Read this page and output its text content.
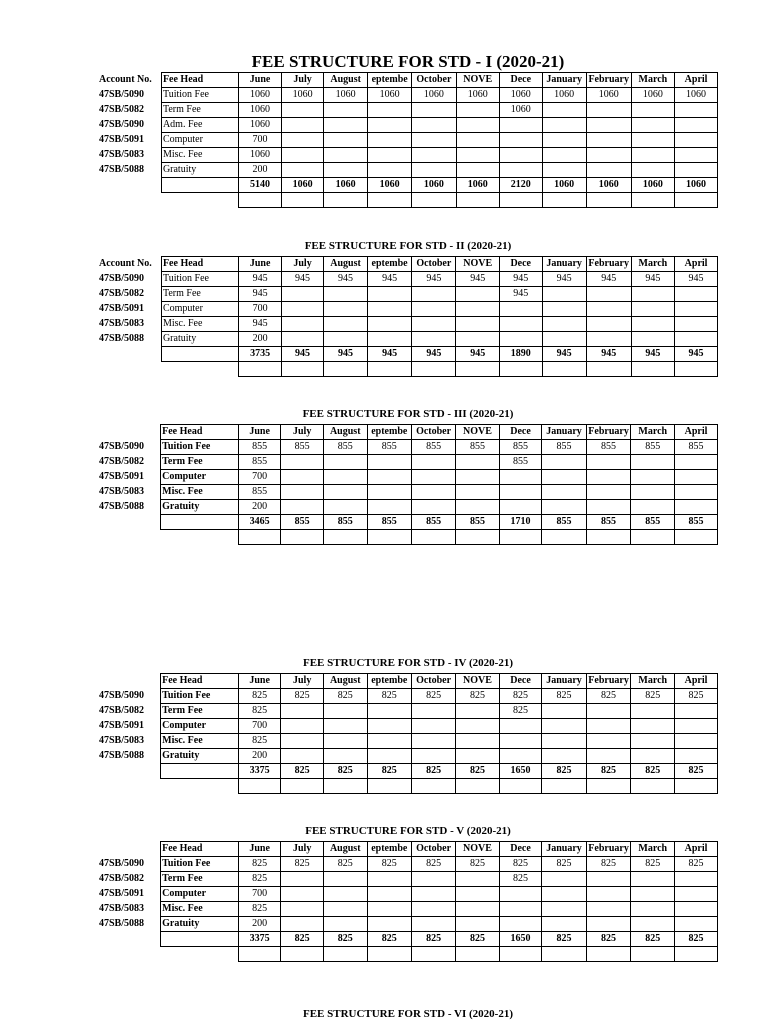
FEE STRUCTURE FOR STD - I (2020-21)
Account No.	Fee Head	June	July	August	eptembe	October	NOVE	Dece	January	February	March	April
47SB/5090	Tuition Fee	1060	1060	1060	1060	1060	1060	1060	1060	1060	1060	1060
47SB/5082	Term Fee	1060						1060				
47SB/5090	Adm. Fee	1060										
47SB/5091	Computer	700										
47SB/5083	Misc. Fee	1060										
47SB/5088	Gratuity	200										
		5140	1060	1060	1060	1060	1060	2120	1060	1060	1060	1060

FEE STRUCTURE FOR STD - II (2020-21)
Account No.	Fee Head	June	July	August	eptembe	October	NOVE	Dece	January	February	March	April
47SB/5090	Tuition Fee	945	945	945	945	945	945	945	945	945	945	945
47SB/5082	Term Fee	945						945				
47SB/5091	Computer	700										
47SB/5083	Misc. Fee	945										
47SB/5088	Gratuity	200										
		3735	945	945	945	945	945	1890	945	945	945	945

FEE STRUCTURE FOR STD - III (2020-21)
	Fee Head	June	July	August	eptembe	October	NOVE	Dece	January	February	March	April
47SB/5090	Tuition Fee	855	855	855	855	855	855	855	855	855	855	855
47SB/5082	Term Fee	855						855				
47SB/5091	Computer	700										
47SB/5083	Misc. Fee	855										
47SB/5088	Gratuity	200										
		3465	855	855	855	855	855	1710	855	855	855	855

FEE STRUCTURE FOR STD - IV (2020-21)
	Fee Head	June	July	August	eptembe	October	NOVE	Dece	January	February	March	April
47SB/5090	Tuition Fee	825	825	825	825	825	825	825	825	825	825	825
47SB/5082	Term Fee	825						825				
47SB/5091	Computer	700										
47SB/5083	Misc. Fee	825										
47SB/5088	Gratuity	200										
		3375	825	825	825	825	825	1650	825	825	825	825

FEE STRUCTURE FOR STD - V (2020-21)
	Fee Head	June	July	August	eptembe	October	NOVE	Dece	January	February	March	April
47SB/5090	Tuition Fee	825	825	825	825	825	825	825	825	825	825	825
47SB/5082	Term Fee	825						825				
47SB/5091	Computer	700										
47SB/5083	Misc. Fee	825										
47SB/5088	Gratuity	200										
		3375	825	825	825	825	825	1650	825	825	825	825

FEE STRUCTURE FOR STD - VI (2020-21)
